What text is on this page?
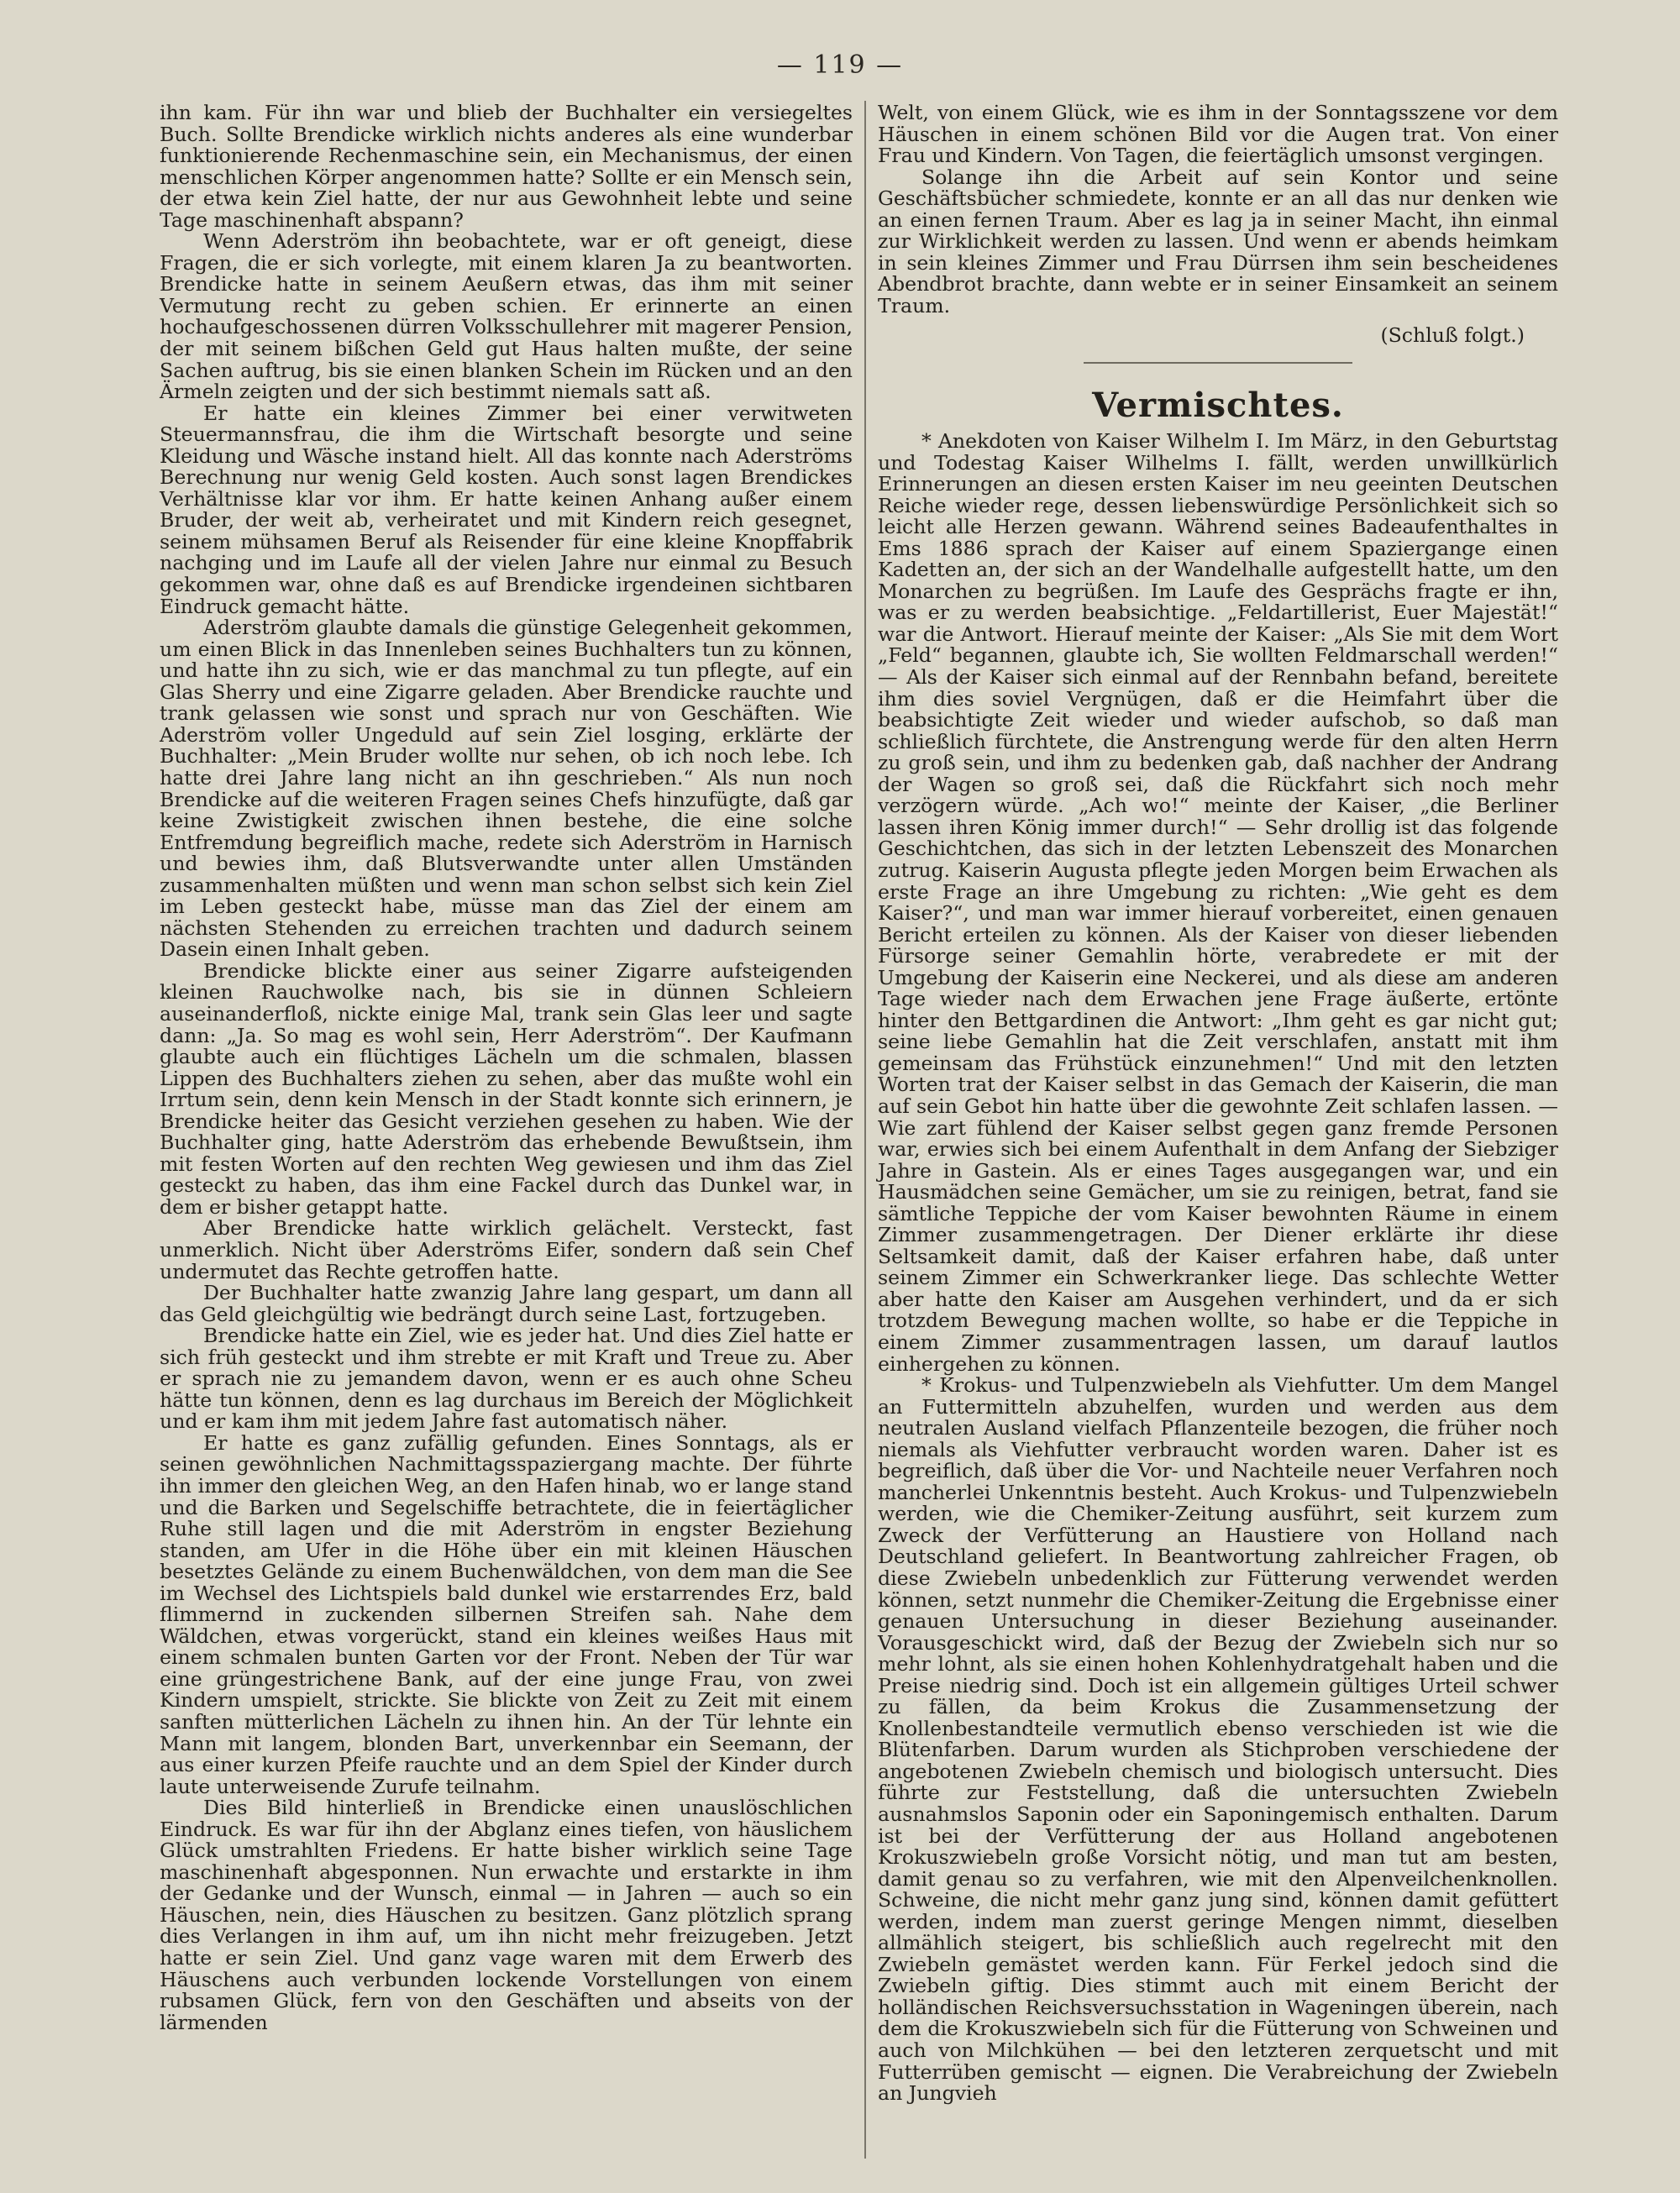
— 119 —

ihn kam. Für ihn war und blieb der Buchhalter ein versiegeltes Buch. Sollte Brendicke wirklich nichts anderes als eine wunderbar funktionierende Rechenmaschine sein, ein Mechanismus, der einen menschlichen Körper angenommen hatte? Sollte er ein Mensch sein, der etwa kein Ziel hatte, der nur aus Gewohnheit lebte und seine Tage maschinenhaft abspann?

Wenn Aderström ihn beobachtete, war er oft geneigt, diese Fragen, die er sich vorlegte, mit einem klaren Ja zu beantworten. Brendicke hatte in seinem Aeußern etwas, das ihm mit seiner Vermutung recht zu geben schien. Er erinnerte an einen hochaufgeschossenen dürren Volksschullehrer mit magerer Pension, der mit seinem bißchen Geld gut Haus halten mußte, der seine Sachen auftrug, bis sie einen blanken Schein im Rücken und an den Ärmeln zeigten und der sich bestimmt niemals satt aß.

Er hatte ein kleines Zimmer bei einer verwitweten Steuermannsfrau, die ihm die Wirtschaft besorgte und seine Kleidung und Wäsche instand hielt. All das konnte nach Aderströms Berechnung nur wenig Geld kosten. Auch sonst lagen Brendickes Verhältnisse klar vor ihm. Er hatte keinen Anhang außer einem Bruder, der weit ab, verheiratet und mit Kindern reich gesegnet, seinem mühsamen Beruf als Reisender für eine kleine Knopffabrik nachging und im Laufe all der vielen Jahre nur einmal zu Besuch gekommen war, ohne daß es auf Brendicke irgendeinen sichtbaren Eindruck gemacht hätte.

Aderström glaubte damals die günstige Gelegenheit gekommen, um einen Blick in das Innenleben seines Buchhalters tun zu können, und hatte ihn zu sich, wie er das manchmal zu tun pflegte, auf ein Glas Sherry und eine Zigarre geladen. Aber Brendicke rauchte und trank gelassen wie sonst und sprach nur von Geschäften. Wie Aderström voller Ungeduld auf sein Ziel losging, erklärte der Buchhalter: „Mein Bruder wollte nur sehen, ob ich noch lebe. Ich hatte drei Jahre lang nicht an ihn geschrieben.“ Als nun noch Brendicke auf die weiteren Fragen seines Chefs hinzufügte, daß gar keine Zwistigkeit zwischen ihnen bestehe, die eine solche Entfremdung begreiflich mache, redete sich Aderström in Harnisch und bewies ihm, daß Blutsverwandte unter allen Umständen zusammenhalten müßten und wenn man schon selbst sich kein Ziel im Leben gesteckt habe, müsse man das Ziel der einem am nächsten Stehenden zu erreichen trachten und dadurch seinem Dasein einen Inhalt geben.

Brendicke blickte einer aus seiner Zigarre aufsteigenden kleinen Rauchwolke nach, bis sie in dünnen Schleiern auseinanderfloß, nickte einige Mal, trank sein Glas leer und sagte dann: „Ja. So mag es wohl sein, Herr Aderström“. Der Kaufmann glaubte auch ein flüchtiges Lächeln um die schmalen, blassen Lippen des Buchhalters ziehen zu sehen, aber das mußte wohl ein Irrtum sein, denn kein Mensch in der Stadt konnte sich erinnern, je Brendicke heiter das Gesicht verziehen gesehen zu haben. Wie der Buchhalter ging, hatte Aderström das erhebende Bewußtsein, ihm mit festen Worten auf den rechten Weg gewiesen und ihm das Ziel gesteckt zu haben, das ihm eine Fackel durch das Dunkel war, in dem er bisher getappt hatte.

Aber Brendicke hatte wirklich gelächelt. Versteckt, fast unmerklich. Nicht über Aderströms Eifer, sondern daß sein Chef undermutet das Rechte getroffen hatte.

Der Buchhalter hatte zwanzig Jahre lang gespart, um dann all das Geld gleichgültig wie bedrängt durch seine Last, fortzugeben.

Brendicke hatte ein Ziel, wie es jeder hat. Und dies Ziel hatte er sich früh gesteckt und ihm strebte er mit Kraft und Treue zu. Aber er sprach nie zu jemandem davon, wenn er es auch ohne Scheu hätte tun können, denn es lag durchaus im Bereich der Möglichkeit und er kam ihm mit jedem Jahre fast automatisch näher.

Er hatte es ganz zufällig gefunden. Eines Sonntags, als er seinen gewöhnlichen Nachmittagsspaziergang machte. Der führte ihn immer den gleichen Weg, an den Hafen hinab, wo er lange stand und die Barken und Segelschiffe betrachtete, die in feiertäglicher Ruhe still lagen und die mit Aderström in engster Beziehung standen, am Ufer in die Höhe über ein mit kleinen Häuschen besetztes Gelände zu einem Buchenwäldchen, von dem man die See im Wechsel des Lichtspiels bald dunkel wie erstarrendes Erz, bald flimmernd in zuckenden silbernen Streifen sah. Nahe dem Wäldchen, etwas vorgerückt, stand ein kleines weißes Haus mit einem schmalen bunten Garten vor der Front. Neben der Tür war eine grüngestrichene Bank, auf der eine junge Frau, von zwei Kindern umspielt, strickte. Sie blickte von Zeit zu Zeit mit einem sanften mütterlichen Lächeln zu ihnen hin. An der Tür lehnte ein Mann mit langem, blonden Bart, unverkennbar ein Seemann, der aus einer kurzen Pfeife rauchte und an dem Spiel der Kinder durch laute unterweisende Zurufe teilnahm.

Dies Bild hinterließ in Brendicke einen unauslöschlichen Eindruck. Es war für ihn der Abglanz eines tiefen, von häuslichem Glück umstrahlten Friedens. Er hatte bisher wirklich seine Tage maschinenhaft abgesponnen. Nun erwachte und erstarkte in ihm der Gedanke und der Wunsch, einmal — in Jahren — auch so ein Häuschen, nein, dies Häuschen zu besitzen. Ganz plötzlich sprang dies Verlangen in ihm auf, um ihn nicht mehr freizugeben. Jetzt hatte er sein Ziel. Und ganz vage waren mit dem Erwerb des Häuschens auch verbunden lockende Vorstellungen von einem rubsamen Glück, fern von den Geschäften und abseits von der lärmenden

Welt, von einem Glück, wie es ihm in der Sonntagsszene vor dem Häuschen in einem schönen Bild vor die Augen trat. Von einer Frau und Kindern. Von Tagen, die feiertäglich umsonst vergingen.

Solange ihn die Arbeit auf sein Kontor und seine Geschäftsbücher schmiedete, konnte er an all das nur denken wie an einen fernen Traum. Aber es lag ja in seiner Macht, ihn einmal zur Wirklichkeit werden zu lassen. Und wenn er abends heimkam in sein kleines Zimmer und Frau Dürrsen ihm sein bescheidenes Abendbrot brachte, dann webte er in seiner Einsamkeit an seinem Traum.

(Schluß folgt.)
Vermischtes.

* Anekdoten von Kaiser Wilhelm I. Im März, in den Geburtstag und Todestag Kaiser Wilhelms I. fällt, werden unwillkürlich Erinnerungen an diesen ersten Kaiser im neu geeinten Deutschen Reiche wieder rege, dessen liebenswürdige Persönlichkeit sich so leicht alle Herzen gewann. Während seines Badeaufenthaltes in Ems 1886 sprach der Kaiser auf einem Spaziergange einen Kadetten an, der sich an der Wandelhalle aufgestellt hatte, um den Monarchen zu begrüßen. Im Laufe des Gesprächs fragte er ihn, was er zu werden beabsichtige. „Feldartillerist, Euer Majestät!“ war die Antwort. Hierauf meinte der Kaiser: „Als Sie mit dem Wort „Feld“ begannen, glaubte ich, Sie wollten Feldmarschall werden!“ — Als der Kaiser sich einmal auf der Rennbahn befand, bereitete ihm dies soviel Vergnügen, daß er die Heimfahrt über die beabsichtigte Zeit wieder und wieder aufschob, so daß man schließlich fürchtete, die Anstrengung werde für den alten Herrn zu groß sein, und ihm zu bedenken gab, daß nachher der Andrang der Wagen so groß sei, daß die Rückfahrt sich noch mehr verzögern würde. „Ach wo!“ meinte der Kaiser, „die Berliner lassen ihren König immer durch!“ — Sehr drollig ist das folgende Geschichtchen, das sich in der letzten Lebenszeit des Monarchen zutrug. Kaiserin Augusta pflegte jeden Morgen beim Erwachen als erste Frage an ihre Umgebung zu richten: „Wie geht es dem Kaiser?“, und man war immer hierauf vorbereitet, einen genauen Bericht erteilen zu können. Als der Kaiser von dieser liebenden Fürsorge seiner Gemahlin hörte, verabredete er mit der Umgebung der Kaiserin eine Neckerei, und als diese am anderen Tage wieder nach dem Erwachen jene Frage äußerte, ertönte hinter den Bettgardinen die Antwort: „Ihm geht es gar nicht gut; seine liebe Gemahlin hat die Zeit verschlafen, anstatt mit ihm gemeinsam das Frühstück einzunehmen!“ Und mit den letzten Worten trat der Kaiser selbst in das Gemach der Kaiserin, die man auf sein Gebot hin hatte über die gewohnte Zeit schlafen lassen. — Wie zart fühlend der Kaiser selbst gegen ganz fremde Personen war, erwies sich bei einem Aufenthalt in dem Anfang der Siebziger Jahre in Gastein. Als er eines Tages ausgegangen war, und ein Hausmädchen seine Gemächer, um sie zu reinigen, betrat, fand sie sämtliche Teppiche der vom Kaiser bewohnten Räume in einem Zimmer zusammengetragen. Der Diener erklärte ihr diese Seltsamkeit damit, daß der Kaiser erfahren habe, daß unter seinem Zimmer ein Schwerkranker liege. Das schlechte Wetter aber hatte den Kaiser am Ausgehen verhindert, und da er sich trotzdem Bewegung machen wollte, so habe er die Teppiche in einem Zimmer zusammentragen lassen, um darauf lautlos einhergehen zu können.

* Krokus- und Tulpenzwiebeln als Viehfutter. Um dem Mangel an Futtermitteln abzuhelfen, wurden und werden aus dem neutralen Ausland vielfach Pflanzenteile bezogen, die früher noch niemals als Viehfutter verbraucht worden waren. Daher ist es begreiflich, daß über die Vor- und Nachteile neuer Verfahren noch mancherlei Unkenntnis besteht. Auch Krokus- und Tulpenzwiebeln werden, wie die Chemiker-Zeitung ausführt, seit kurzem zum Zweck der Verfütterung an Haustiere von Holland nach Deutschland geliefert. In Beantwortung zahlreicher Fragen, ob diese Zwiebeln unbedenklich zur Fütterung verwendet werden können, setzt nunmehr die Chemiker-Zeitung die Ergebnisse einer genauen Untersuchung in dieser Beziehung auseinander. Vorausgeschickt wird, daß der Bezug der Zwiebeln sich nur so mehr lohnt, als sie einen hohen Kohlenhydratgehalt haben und die Preise niedrig sind. Doch ist ein allgemein gültiges Urteil schwer zu fällen, da beim Krokus die Zusammensetzung der Knollenbestandteile vermutlich ebenso verschieden ist wie die Blütenfarben. Darum wurden als Stichproben verschiedene der angebotenen Zwiebeln chemisch und biologisch untersucht. Dies führte zur Feststellung, daß die untersuchten Zwiebeln ausnahmslos Saponin oder ein Saponingemisch enthalten. Darum ist bei der Verfütterung der aus Holland angebotenen Krokuszwiebeln große Vorsicht nötig, und man tut am besten, damit genau so zu verfahren, wie mit den Alpenveilchenknollen. Schweine, die nicht mehr ganz jung sind, können damit gefüttert werden, indem man zuerst geringe Mengen nimmt, dieselben allmählich steigert, bis schließlich auch regelrecht mit den Zwiebeln gemästet werden kann. Für Ferkel jedoch sind die Zwiebeln giftig. Dies stimmt auch mit einem Bericht der holländischen Reichsversuchsstation in Wageningen überein, nach dem die Krokuszwiebeln sich für die Fütterung von Schweinen und auch von Milchkühen — bei den letzteren zerquetscht und mit Futterrüben gemischt — eignen. Die Verabreichung der Zwiebeln an Jungvieh
